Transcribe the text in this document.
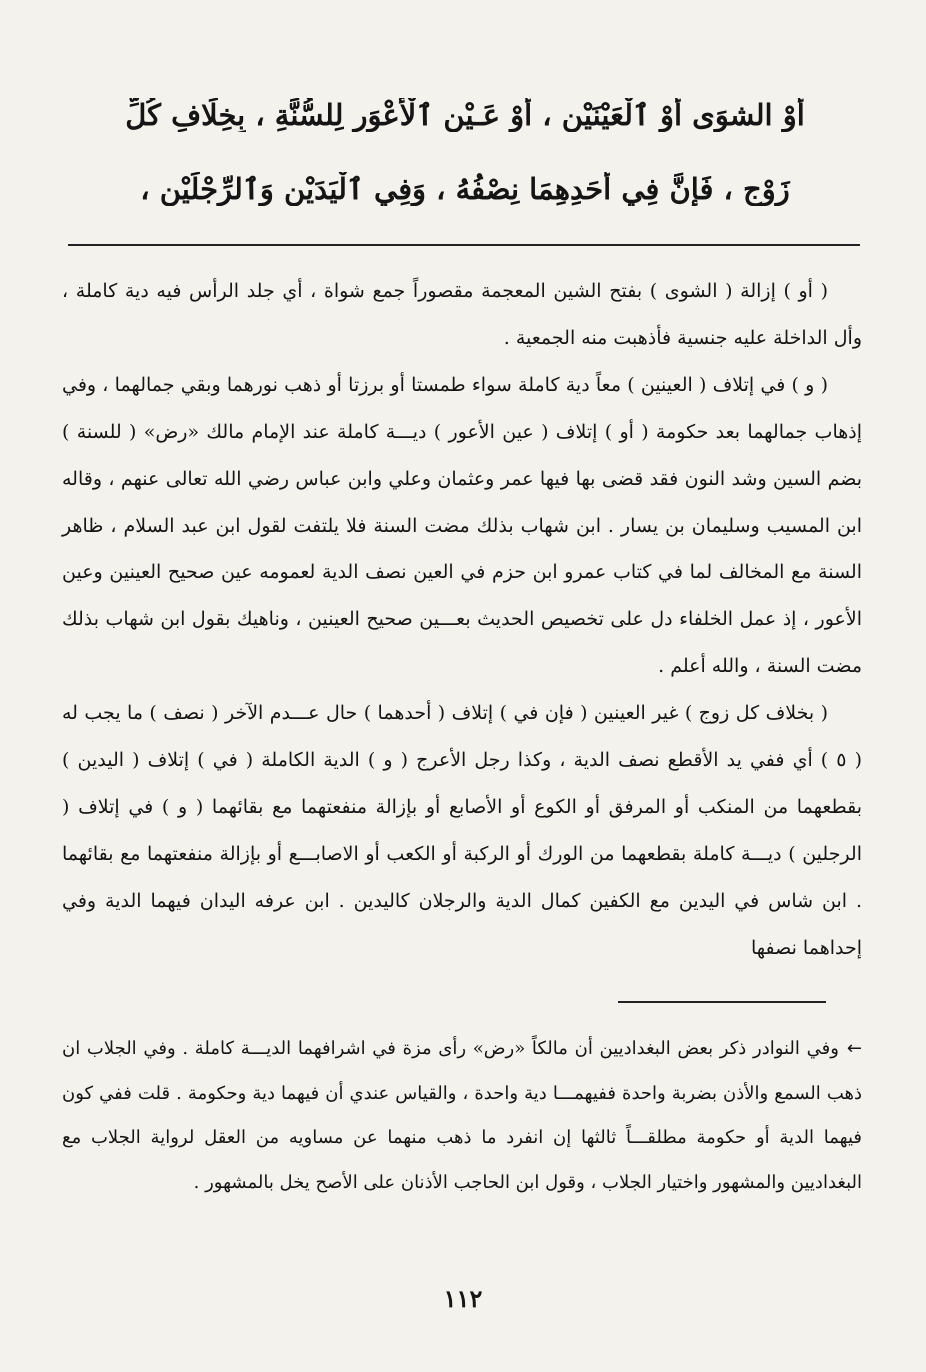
أوْ الشوَى أوْ ٱلْعَيْنَيْنِ ، أوْ عَـيْنِ ٱلْأَعْوَرِ لِلسُّنَّةِ ، بِخِلَافِ كُلِّ
زَوْجٍ ، فَإِنَّ فِي أَحَدِهِمَا نِصْفُهُ ، وَفِي ٱلْيَدَيْنِ وَٱلرِّجْلَيْنِ ،

( أو ) إزالة ( الشوى ) بفتح الشين المعجمة مقصوراً جمع شواة ، أي جلد الرأس فيه دية كاملة ، وأل الداخلة عليه جنسية فأذهبت منه الجمعية .

( و ) في إتلاف ( العينين ) معاً دية كاملة سواء طمستا أو برزتا أو ذهب نورهما وبقي جمالهما ، وفي إذهاب جمالهما بعد حكومة ( أو ) إتلاف ( عين الأعور ) ديـــة كاملة عند الإمام مالك «رض» ( للسنة ) بضم السين وشد النون فقد قضى بها فيها عمر وعثمان وعلي وابن عباس رضي الله تعالى عنهم ، وقاله ابن المسيب وسليمان بن يسار . ابن شهاب بذلك مضت السنة فلا يلتفت لقول ابن عبد السلام ، ظاهر السنة مع المخالف لما في كتاب عمرو ابن حزم في العين نصف الدية لعمومه عين صحيح العينين وعين الأعور ، إذ عمل الخلفاء دل على تخصيص الحديث بعـــين صحيح العينين ، وناهيك بقول ابن شهاب بذلك مضت السنة ، والله أعلم .

( بخلاف كل زوج ) غير العينين ( فإن في ) إتلاف ( أحدهما ) حال عـــدم الآخر ( نصف ) ما يجب له ( ٥ ) أي ففي يد الأقطع نصف الدية ، وكذا رجل الأعرج ( و ) الدية الكاملة ( في ) إتلاف ( اليدين ) بقطعهما من المنكب أو المرفق أو الكوع أو الأصابع أو بإزالة منفعتهما مع بقائهما ( و ) في إتلاف ( الرجلين ) ديـــة كاملة بقطعهما من الورك أو الركبة أو الكعب أو الاصابـــع أو بإزالة منفعتهما مع بقائهما . ابن شاس في اليدين مع الكفين كمال الدية والرجلان كاليدين . ابن عرفه اليدان فيهما الدية وفي إحداهما نصفها

←وفي النوادر ذكر بعض البغداديين أن مالكاً «رض» رأى مزة في اشرافهما الديـــة كاملة . وفي الجلاب ان ذهب السمع والأذن بضربة واحدة ففيهمـــا دية واحدة ، والقياس عندي أن فيهما دية وحكومة . قلت ففي كون فيهما الدية أو حكومة مطلقـــاً ثالثها إن انفرد ما ذهب منهما عن مساويه من العقل لرواية الجلاب مع البغداديين والمشهور واختيار الجلاب ، وقول ابن الحاجب الأذنان على الأصح يخل بالمشهور .

١١٢
